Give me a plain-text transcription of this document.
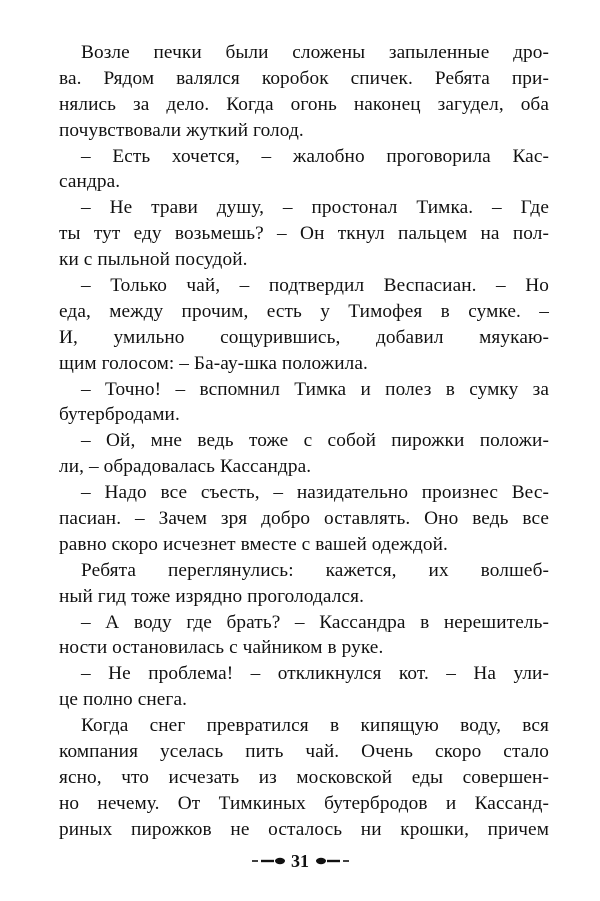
Возле печки были сложены запыленные дро-
ва. Рядом валялся коробок спичек. Ребята при-
нялись за дело. Когда огонь наконец загудел, оба
почувствовали жуткий голод.
– Есть хочется, – жалобно проговорила Кас-
сандра.
– Не трави душу, – простонал Тимка. – Где
ты тут еду возьмешь? – Он ткнул пальцем на пол-
ки с пыльной посудой.
– Только чай, – подтвердил Веспасиан. – Но
еда, между прочим, есть у Тимофея в сумке. –
И, умильно сощурившись, добавил мяукаю-
щим голосом: – Ба-ау-шка положила.
– Точно! – вспомнил Тимка и полез в сумку за
бутербродами.
– Ой, мне ведь тоже с собой пирожки положи-
ли, – обрадовалась Кассандра.
– Надо все съесть, – назидательно произнес Вес-
пасиан. – Зачем зря добро оставлять. Оно ведь все
равно скоро исчезнет вместе с вашей одеждой.
Ребята переглянулись: кажется, их волшеб-
ный гид тоже изрядно проголодался.
– А воду где брать? – Кассандра в нерешитель-
ности остановилась с чайником в руке.
– Не проблема! – откликнулся кот. – На ули-
це полно снега.
Когда снег превратился в кипящую воду, вся
компания уселась пить чай. Очень скоро стало
ясно, что исчезать из московской еды совершен-
но нечему. От Тимкиных бутербродов и Кассанд-
риных пирожков не осталось ни крошки, причем
31
